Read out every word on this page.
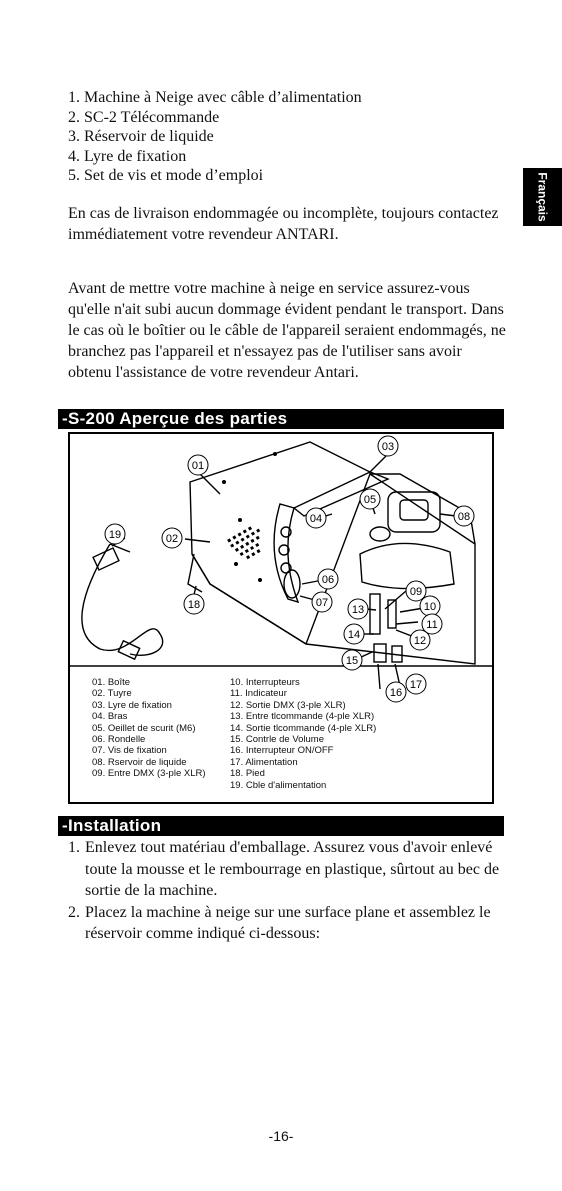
1. Machine à Neige avec câble d’alimentation
2. SC-2 Télécommande
3. Réservoir de liquide
4. Lyre de fixation
5. Set de vis et mode d’emploi	Français
En cas de livraison endommagée ou incomplète, toujours contactez immédiatement votre revendeur ANTARI.
Avant de mettre votre machine à neige en service assurez-vous qu'elle n'ait subi aucun dommage évident pendant le transport. Dans le cas où le boîtier ou le câble de l'appareil seraient endommagés, ne branchez pas l'appareil et n'essayez pas de l'utiliser sans avoir obtenu l'assistance de votre revendeur Antari.
-S-200 Aperçue des parties
01
02
03
04
05
06
07
08
09
10
11
12
13
14
15
16
17
18
19
01. Boîte
02. Tuyre
03. Lyre de fixation
04. Bras
05. Oeillet de scurit (M6)
06. Rondelle
07. Vis de fixation
08. Rservoir de liquide
09. Entre DMX (3-ple XLR)
10. Interrupteurs
11. Indicateur
12. Sortie DMX (3-ple XLR)
13. Entre tlcommande (4-ple XLR)
14. Sortie tlcommande (4-ple XLR)
15. Contrle de Volume
16. Interrupteur ON/OFF
17. Alimentation
18. Pied
19. Cble d'alimentation
-Installation
1. Enlevez tout matériau d'emballage. Assurez vous d'avoir enlevé toute la mousse et le rembourrage en plastique, sûrtout au bec de sortie de la machine.
2. Placez la machine à neige sur une surface plane et assemblez le réservoir comme indiqué ci-dessous:
-16-
